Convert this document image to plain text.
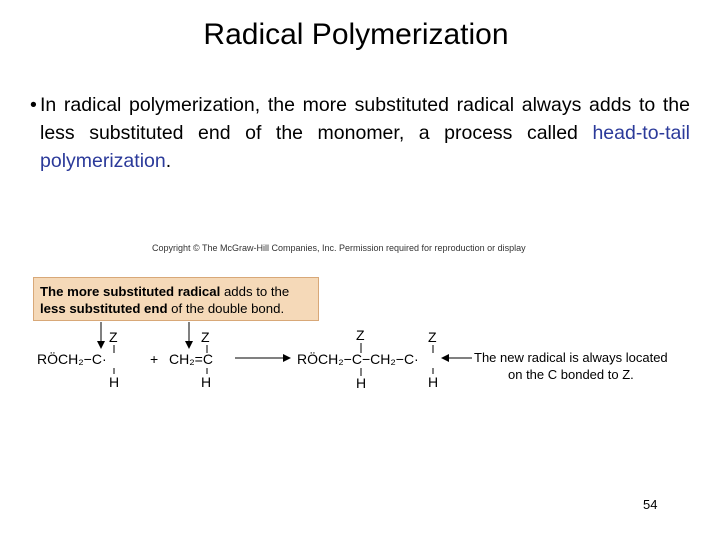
Radical Polymerization
• In radical polymerization, the more substituted radical always adds to the less substituted end of the monomer, a process called head-to-tail polymerization.
Copyright © The McGraw-Hill Companies, Inc. Permission required for reproduction or display
The more substituted radical adds to the less substituted end of the double bond.
RÖCH₂−C·
Z
H
+ CH₂=C
Z
H
RÖCH₂−C−CH₂−C·
Z
H
Z
H
The new radical is always located
on the C bonded to Z.
54
